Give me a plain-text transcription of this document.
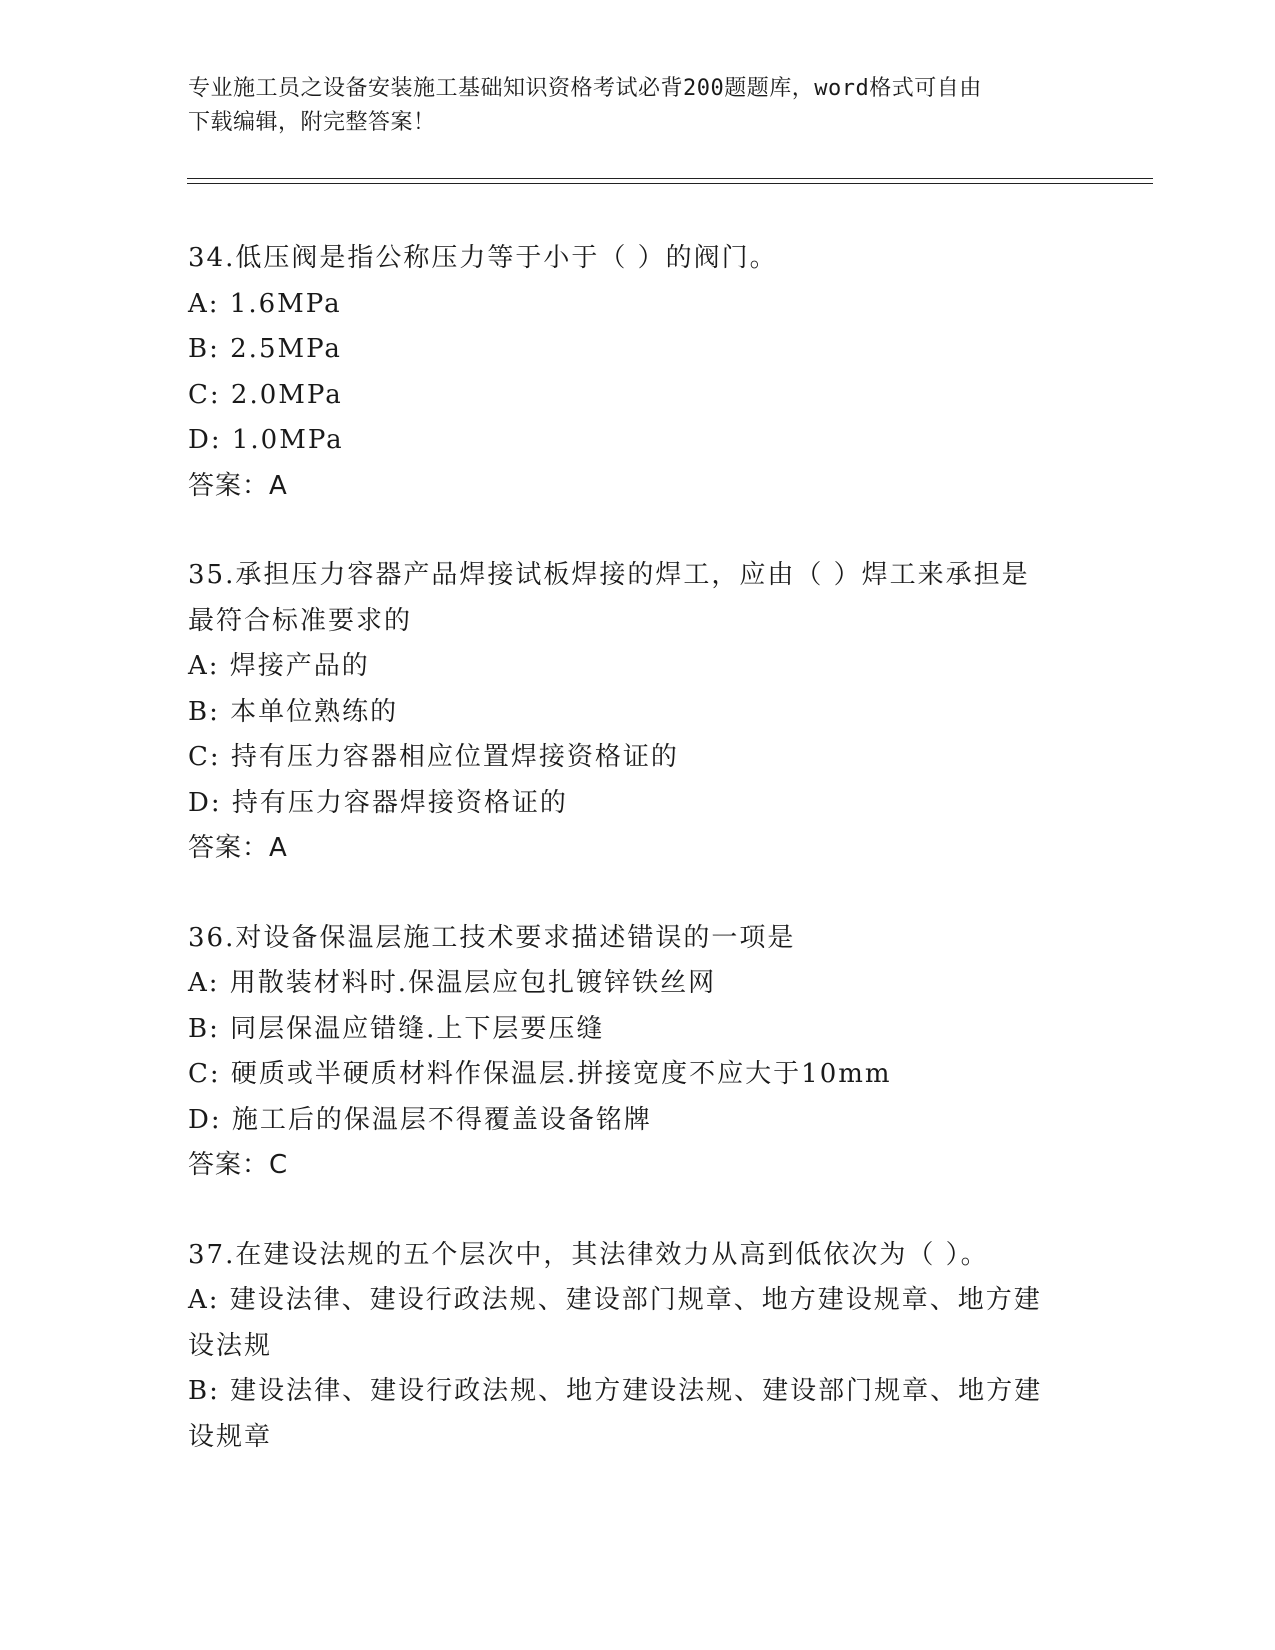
专业施工员之设备安装施工基础知识资格考试必背200题题库，word格式可自由
下载编辑，附完整答案！
34.低压阀是指公称压力等于小于（ ）的阀门。
A: 1.6MPa
B: 2.5MPa
C: 2.0MPa
D: 1.0MPa
答案：A
35.承担压力容器产品焊接试板焊接的焊工，应由（ ）焊工来承担是最符合标准要求的
A: 焊接产品的
B: 本单位熟练的
C: 持有压力容器相应位置焊接资格证的
D: 持有压力容器焊接资格证的
答案：A
36.对设备保温层施工技术要求描述错误的一项是
A: 用散装材料时.保温层应包扎镀锌铁丝网
B: 同层保温应错缝.上下层要压缝
C: 硬质或半硬质材料作保温层.拼接宽度不应大于10mm
D: 施工后的保温层不得覆盖设备铭牌
答案：C
37.在建设法规的五个层次中，其法律效力从高到低依次为（ ）。
A: 建设法律、建设行政法规、建设部门规章、地方建设规章、地方建设法规
B: 建设法律、建设行政法规、地方建设法规、建设部门规章、地方建设规章
